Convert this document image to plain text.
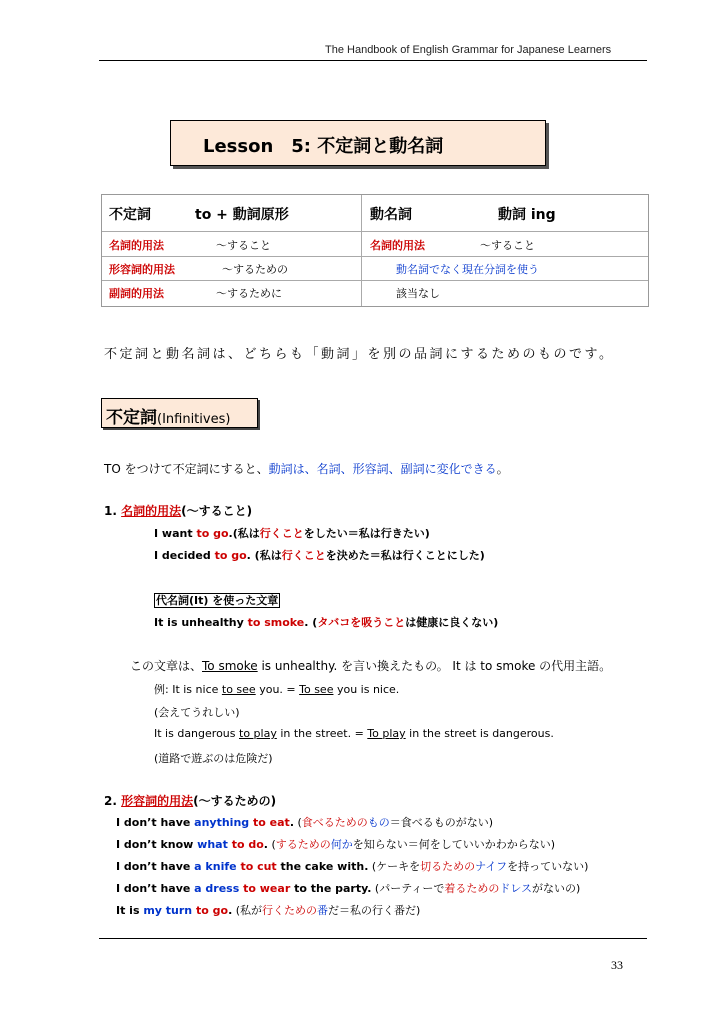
The Handbook of English Grammar for Japanese Learners
Lesson　5: 不定詞と動名詞
不定詞	to + 動詞原形	動名詞	動詞 ing
名詞的用法	～すること	名詞的用法	～すること
形容詞的用法	～するための	動名詞でなく現在分詞を使う
副詞的用法	～するために	該当なし
不定詞と動名詞は、どちらも「動詞」を別の品詞にするためのものです。
不定詞(Infinitives)
TO をつけて不定詞にすると、動詞は、名詞、形容詞、副詞に変化できる。
1. 名詞的用法(～すること)
I want to go.(私は行くことをしたい＝私は行きたい)
I decided to go. (私は行くことを決めた＝私は行くことにした)
代名詞(It) を使った文章
It is unhealthy to smoke. (タバコを吸うことは健康に良くない)
この文章は、To smoke is unhealthy. を言い換えたもの。 It は to smoke の代用主語。
例: It is nice to see you. = To see you is nice.
(会えてうれしい)
It is dangerous to play in the street. = To play in the street is dangerous.
(道路で遊ぶのは危険だ)
2. 形容詞的用法(～するための)
I don’t have anything to eat. (食べるためのもの＝食べるものがない)
I don’t know what to do. (するための何かを知らない＝何をしていいかわからない)
I don’t have a knife to cut the cake with. (ケーキを切るためのナイフを持っていない)
I don’t have a dress to wear to the party. (パーティーで着るためのドレスがないの)
It is my turn to go. (私が行くための番だ＝私の行く番だ)
33
